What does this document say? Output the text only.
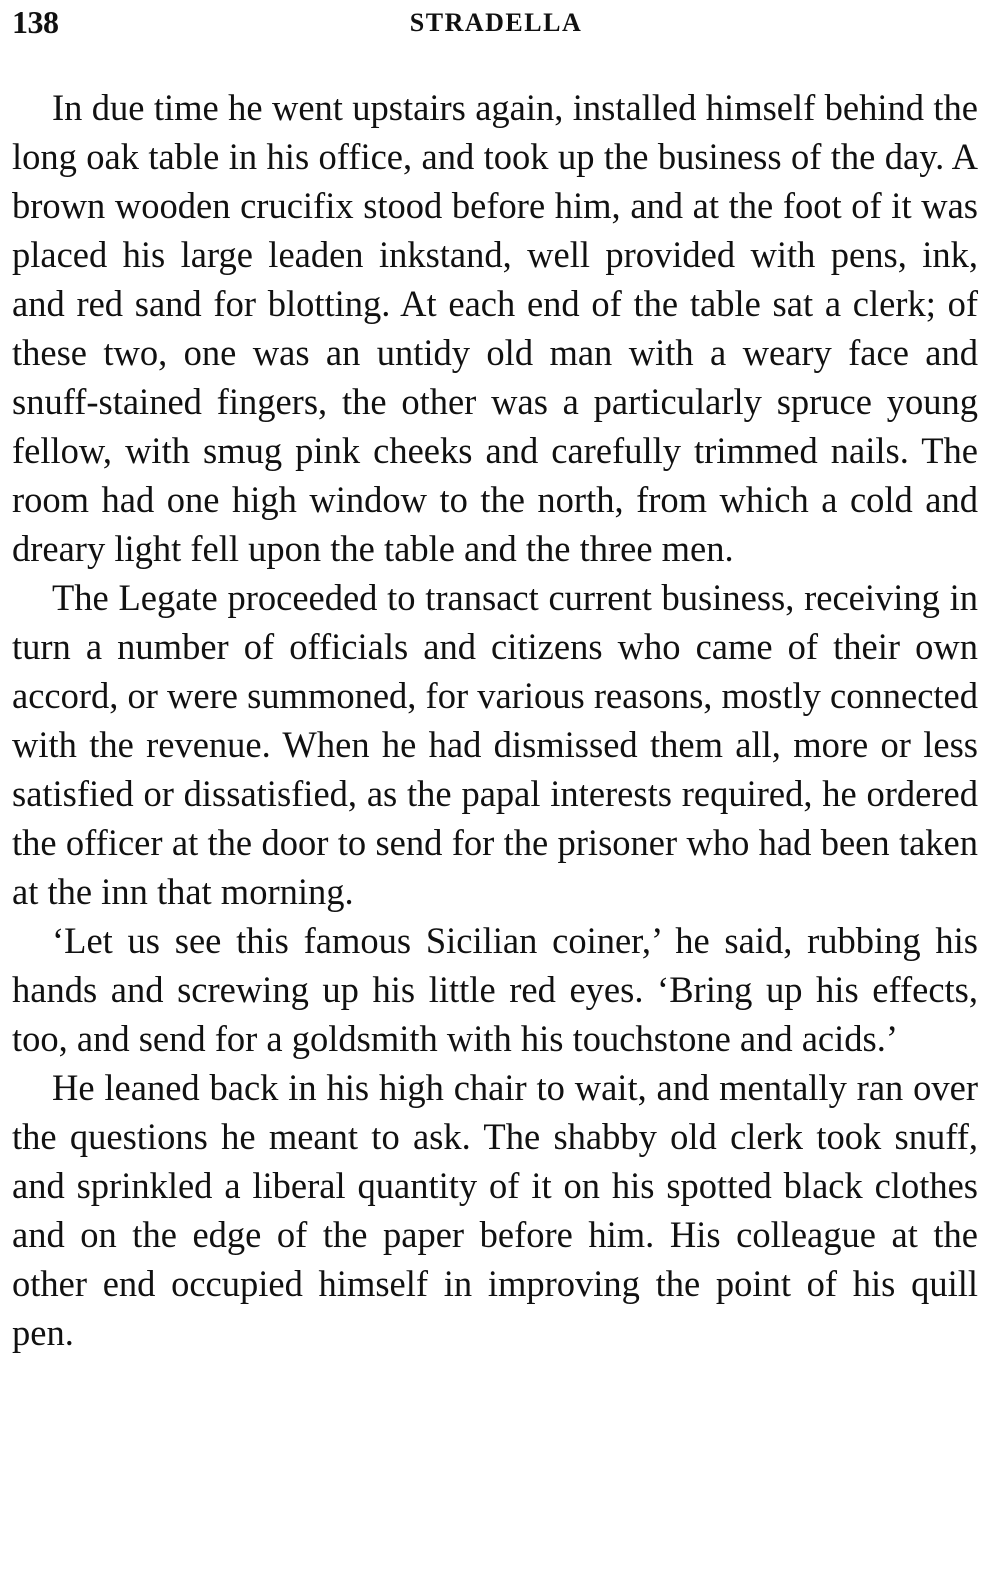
138	STRADELLA

In due time he went upstairs again, installed himself behind the long oak table in his office, and took up the business of the day. A brown wooden crucifix stood before him, and at the foot of it was placed his large leaden inkstand, well provided with pens, ink, and red sand for blotting. At each end of the table sat a clerk; of these two, one was an untidy old man with a weary face and snuff-stained fingers, the other was a particularly spruce young fellow, with smug pink cheeks and carefully trimmed nails. The room had one high window to the north, from which a cold and dreary light fell upon the table and the three men.

The Legate proceeded to transact current business, receiving in turn a number of officials and citizens who came of their own accord, or were summoned, for various reasons, mostly connected with the revenue. When he had dismissed them all, more or less satisfied or dissatisfied, as the papal interests required, he ordered the officer at the door to send for the prisoner who had been taken at the inn that morning.

‘Let us see this famous Sicilian coiner,’ he said, rubbing his hands and screwing up his little red eyes. ‘Bring up his effects, too, and send for a goldsmith with his touchstone and acids.’

He leaned back in his high chair to wait, and mentally ran over the questions he meant to ask. The shabby old clerk took snuff, and sprinkled a liberal quantity of it on his spotted black clothes and on the edge of the paper before him. His colleague at the other end occupied himself in improving the point of his quill pen.
